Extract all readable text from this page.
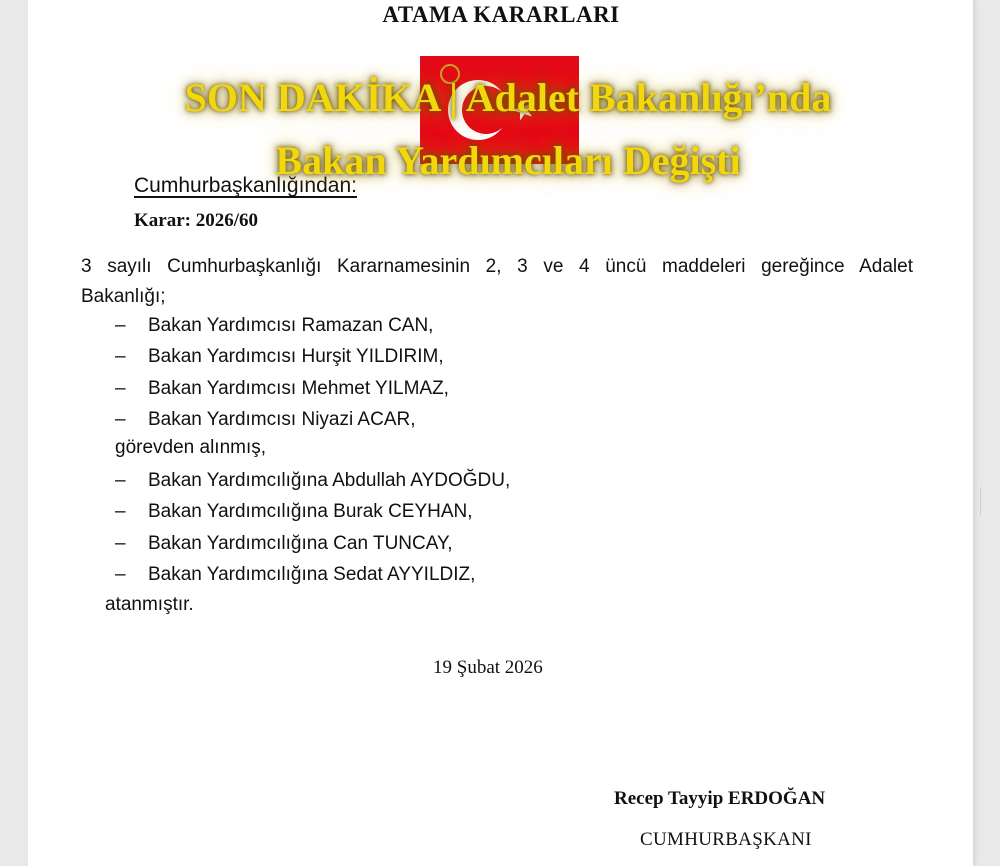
ATAMA KARARLARI
Cumhurbaşkanlığından:
Karar: 2026/60
3 sayılı Cumhurbaşkanlığı Kararnamesinin 2, 3 ve 4 üncü maddeleri gereğince Adalet
Bakanlığı;
– Bakan Yardımcısı Ramazan CAN,
– Bakan Yardımcısı Hurşit YILDIRIM,
– Bakan Yardımcısı Mehmet YILMAZ,
– Bakan Yardımcısı Niyazi ACAR,
görevden alınmış,
– Bakan Yardımcılığına Abdullah AYDOĞDU,
– Bakan Yardımcılığına Burak CEYHAN,
– Bakan Yardımcılığına Can TUNCAY,
– Bakan Yardımcılığına Sedat AYYILDIZ,
atanmıştır.
19 Şubat 2026
Recep Tayyip ERDOĞAN
CUMHURBAŞKANI
SON DAKİKA | Adalet Bakanlığı’nda
Bakan Yardımcıları Değişti
